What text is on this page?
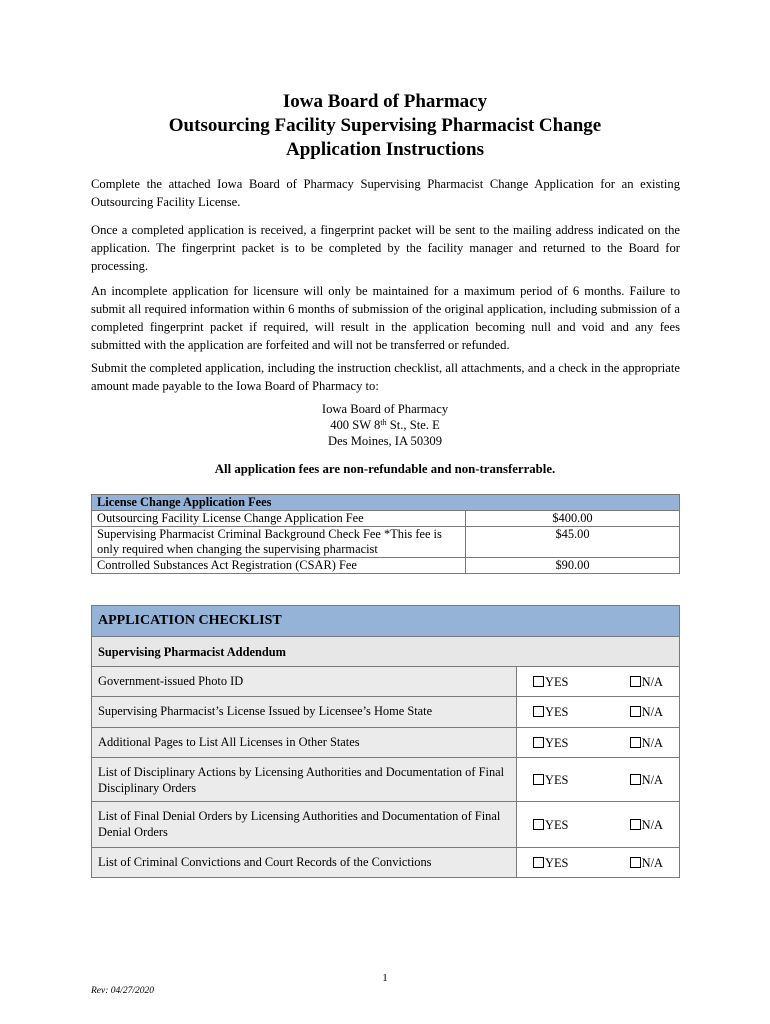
Iowa Board of Pharmacy
Outsourcing Facility Supervising Pharmacist Change
Application Instructions
Complete the attached Iowa Board of Pharmacy Supervising Pharmacist Change Application for an existing Outsourcing Facility License.
Once a completed application is received, a fingerprint packet will be sent to the mailing address indicated on the application. The fingerprint packet is to be completed by the facility manager and returned to the Board for processing.
An incomplete application for licensure will only be maintained for a maximum period of 6 months. Failure to submit all required information within 6 months of submission of the original application, including submission of a completed fingerprint packet if required, will result in the application becoming null and void and any fees submitted with the application are forfeited and will not be transferred or refunded.
Submit the completed application, including the instruction checklist, all attachments, and a check in the appropriate amount made payable to the Iowa Board of Pharmacy to:
Iowa Board of Pharmacy
400 SW 8th St., Ste. E
Des Moines, IA 50309
All application fees are non-refundable and non-transferrable.
License Change Application Fees	
Outsourcing Facility License Change Application Fee	$400.00
Supervising Pharmacist Criminal Background Check Fee *This fee is only required when changing the supervising pharmacist	$45.00
Controlled Substances Act Registration (CSAR) Fee	$90.00
APPLICATION CHECKLIST		
Supervising Pharmacist Addendum		
Government-issued Photo ID	YES	N/A
Supervising Pharmacist’s License Issued by Licensee’s Home State	YES	N/A
Additional Pages to List All Licenses in Other States	YES	N/A
List of Disciplinary Actions by Licensing Authorities and Documentation of Final Disciplinary Orders	YES	N/A
List of Final Denial Orders by Licensing Authorities and Documentation of Final Denial Orders	YES	N/A
List of Criminal Convictions and Court Records of the Convictions	YES	N/A
1
Rev: 04/27/2020
